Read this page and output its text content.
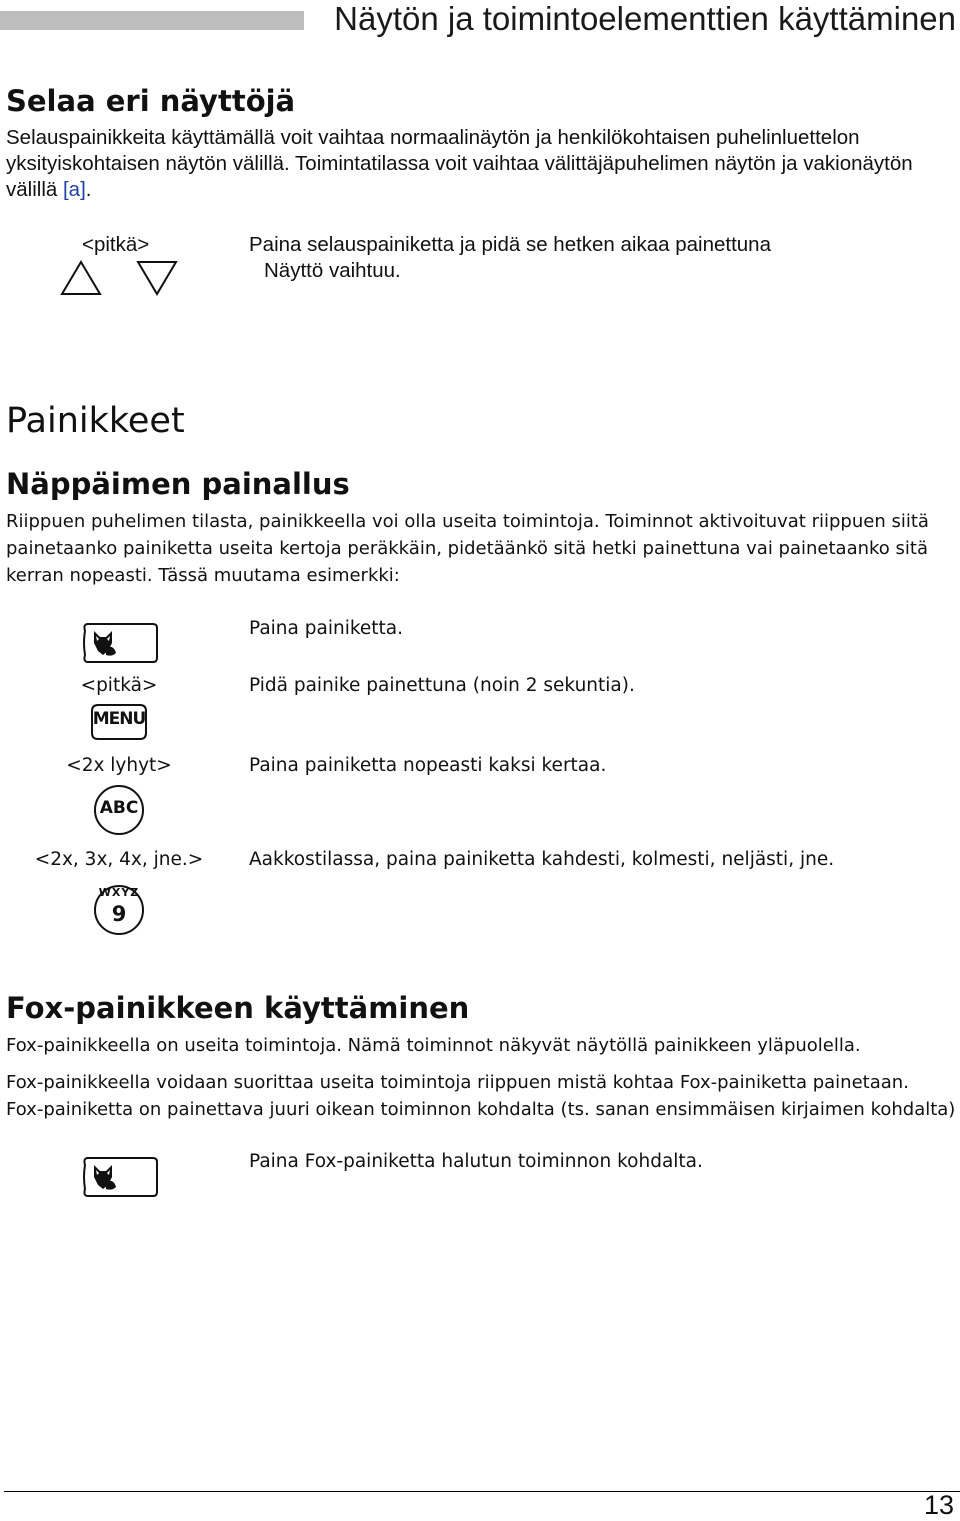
Näytön ja toimintoelementtien käyttäminen
Selaa eri näyttöjä
Selauspainikkeita käyttämällä voit vaihtaa normaalinäytön ja henkilökohtaisen puhelinluettelon
yksityiskohtaisen näytön välillä. Toimintatilassa voit vaihtaa välittäjäpuhelimen näytön ja vakionäytön
välillä [a].
<pitkä>	Paina selauspainiketta ja pidä se hetken aikaa painettuna
Näyttö vaihtuu.
Painikkeet
Näppäimen painallus
Riippuen puhelimen tilasta, painikkeella voi olla useita toimintoja. Toiminnot aktivoituvat riippuen siitä
painetaanko painiketta useita kertoja peräkkäin, pidetäänkö sitä hetki painettuna vai painetaanko sitä
kerran nopeasti. Tässä muutama esimerkki:
Paina painiketta.
<pitkä>	Pidä painike painettuna (noin 2 sekuntia).
MENU
<2x lyhyt>	Paina painiketta nopeasti kaksi kertaa.
ABC
<2x, 3x, 4x, jne.>	Aakkostilassa, paina painiketta kahdesti, kolmesti, neljästi, jne.
WXYZ
9
Fox-painikkeen käyttäminen
Fox-painikkeella on useita toimintoja. Nämä toiminnot näkyvät näytöllä painikkeen yläpuolella.
Fox-painikkeella voidaan suorittaa useita toimintoja riippuen mistä kohtaa Fox-painiketta painetaan.
Fox-painiketta on painettava juuri oikean toiminnon kohdalta (ts. sanan ensimmäisen kirjaimen kohdalta)
Paina Fox-painiketta halutun toiminnon kohdalta.
13
